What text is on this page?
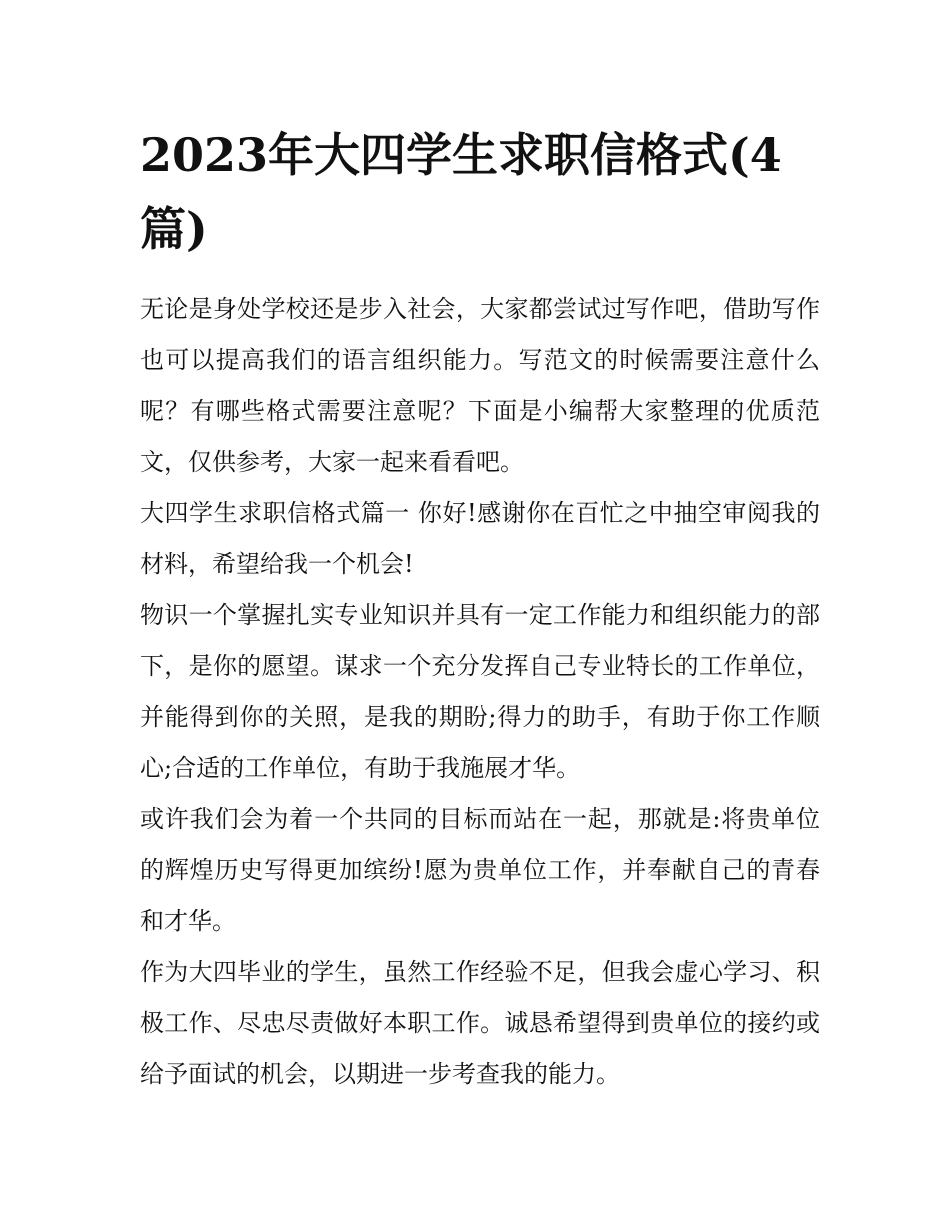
2023年大四学生求职信格式(4篇)

无论是身处学校还是步入社会，大家都尝试过写作吧，借助写作也可以提高我们的语言组织能力。写范文的时候需要注意什么呢？有哪些格式需要注意呢？下面是小编帮大家整理的优质范文，仅供参考，大家一起来看看吧。

大四学生求职信格式篇一 你好!感谢你在百忙之中抽空审阅我的材料，希望给我一个机会!

物识一个掌握扎实专业知识并具有一定工作能力和组织能力的部下，是你的愿望。谋求一个充分发挥自己专业特长的工作单位，并能得到你的关照，是我的期盼;得力的助手，有助于你工作顺心;合适的工作单位，有助于我施展才华。

或许我们会为着一个共同的目标而站在一起，那就是:将贵单位的辉煌历史写得更加缤纷!愿为贵单位工作，并奉献自己的青春和才华。

作为大四毕业的学生，虽然工作经验不足，但我会虚心学习、积极工作、尽忠尽责做好本职工作。诚恳希望得到贵单位的接约或给予面试的机会，以期进一步考查我的能力。
